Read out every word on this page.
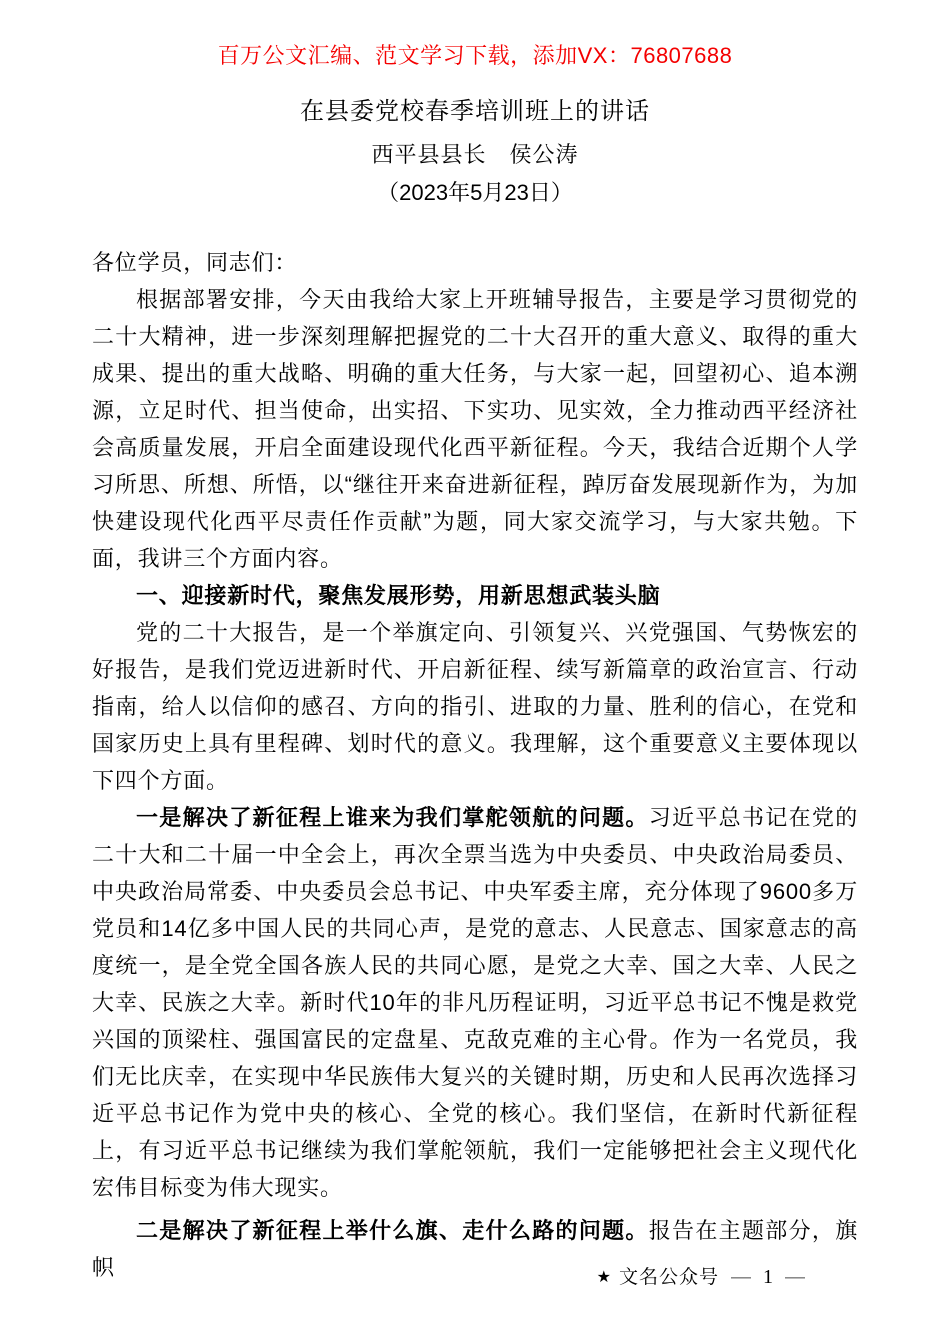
百万公文汇编、范文学习下载，添加VX：76807688
在县委党校春季培训班上的讲话
西平县县长　侯公涛
（2023年5月23日）

各位学员，同志们：

根据部署安排，今天由我给大家上开班辅导报告，主要是学习贯彻党的二十大精神，进一步深刻理解把握党的二十大召开的重大意义、取得的重大成果、提出的重大战略、明确的重大任务，与大家一起，回望初心、追本溯源，立足时代、担当使命，出实招、下实功、见实效，全力推动西平经济社会高质量发展，开启全面建设现代化西平新征程。今天，我结合近期个人学习所思、所想、所悟，以“继往开来奋进新征程，踔厉奋发展现新作为，为加快建设现代化西平尽责任作贡献”为题，同大家交流学习，与大家共勉。下面，我讲三个方面内容。

一、迎接新时代，聚焦发展形势，用新思想武装头脑

党的二十大报告，是一个举旗定向、引领复兴、兴党强国、气势恢宏的好报告，是我们党迈进新时代、开启新征程、续写新篇章的政治宣言、行动指南，给人以信仰的感召、方向的指引、进取的力量、胜利的信心，在党和国家历史上具有里程碑、划时代的意义。我理解，这个重要意义主要体现以下四个方面。

一是解决了新征程上谁来为我们掌舵领航的问题。习近平总书记在党的二十大和二十届一中全会上，再次全票当选为中央委员、中央政治局委员、中央政治局常委、中央委员会总书记、中央军委主席，充分体现了9600多万党员和14亿多中国人民的共同心声，是党的意志、人民意志、国家意志的高度统一，是全党全国各族人民的共同心愿，是党之大幸、国之大幸、人民之大幸、民族之大幸。新时代10年的非凡历程证明，习近平总书记不愧是救党兴国的顶梁柱、强国富民的定盘星、克敌克难的主心骨。作为一名党员，我们无比庆幸，在实现中华民族伟大复兴的关键时期，历史和人民再次选择习近平总书记作为党中央的核心、全党的核心。我们坚信，在新时代新征程上，有习近平总书记继续为我们掌舵领航，我们一定能够把社会主义现代化宏伟目标变为伟大现实。

二是解决了新征程上举什么旗、走什么路的问题。报告在主题部分，旗帜	★ 文名公众号 — 1 —
